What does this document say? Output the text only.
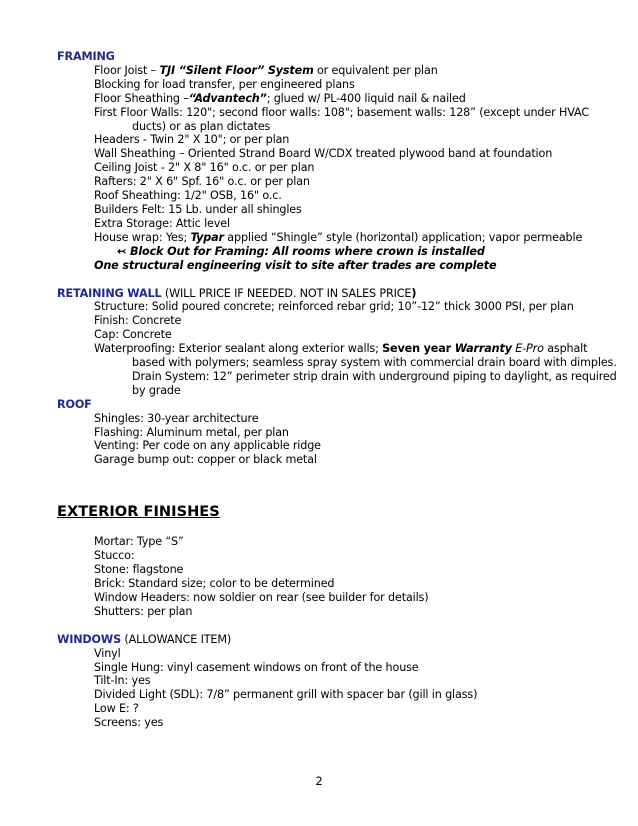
FRAMING
Floor Joist – TJI “Silent Floor” System or equivalent per plan
Blocking for load transfer, per engineered plans
Floor Sheathing –“Advantech”; glued w/ PL-400 liquid nail & nailed
First Floor Walls: 120"; second floor walls: 108"; basement walls: 128” (except under HVAC
ducts) or as plan dictates
Headers - Twin 2" X 10"; or per plan
Wall Sheathing – Oriented Strand Board W/CDX treated plywood band at foundation
Ceiling Joist - 2" X 8" 16" o.c. or per plan
Rafters: 2" X 6" Spf. 16" o.c. or per plan
Roof Sheathing: 1/2" OSB, 16" o.c.
Builders Felt: 15 Lb. under all shingles
Extra Storage: Attic level
House wrap: Yes; Typar applied “Shingle” style (horizontal) application; vapor permeable
↢ Block Out for Framing: All rooms where crown is installed
One structural engineering visit to site after trades are complete
RETAINING WALL (WILL PRICE IF NEEDED. NOT IN SALES PRICE)
Structure: Solid poured concrete; reinforced rebar grid; 10”-12” thick 3000 PSI, per plan
Finish: Concrete
Cap: Concrete
Waterproofing: Exterior sealant along exterior walls; Seven year Warranty E-Pro asphalt
based with polymers; seamless spray system with commercial drain board with dimples.
Drain System: 12” perimeter strip drain with underground piping to daylight, as required
by grade
ROOF
Shingles: 30-year architecture
Flashing: Aluminum metal, per plan
Venting: Per code on any applicable ridge
Garage bump out: copper or black metal
EXTERIOR FINISHES
Mortar: Type “S”
Stucco:
Stone: flagstone
Brick: Standard size; color to be determined
Window Headers: now soldier on rear (see builder for details)
Shutters: per plan
WINDOWS (ALLOWANCE ITEM)
Vinyl
Single Hung: vinyl casement windows on front of the house
Tilt-In: yes
Divided Light (SDL): 7/8” permanent grill with spacer bar (gill in glass)
Low E: ?
Screens: yes
2
